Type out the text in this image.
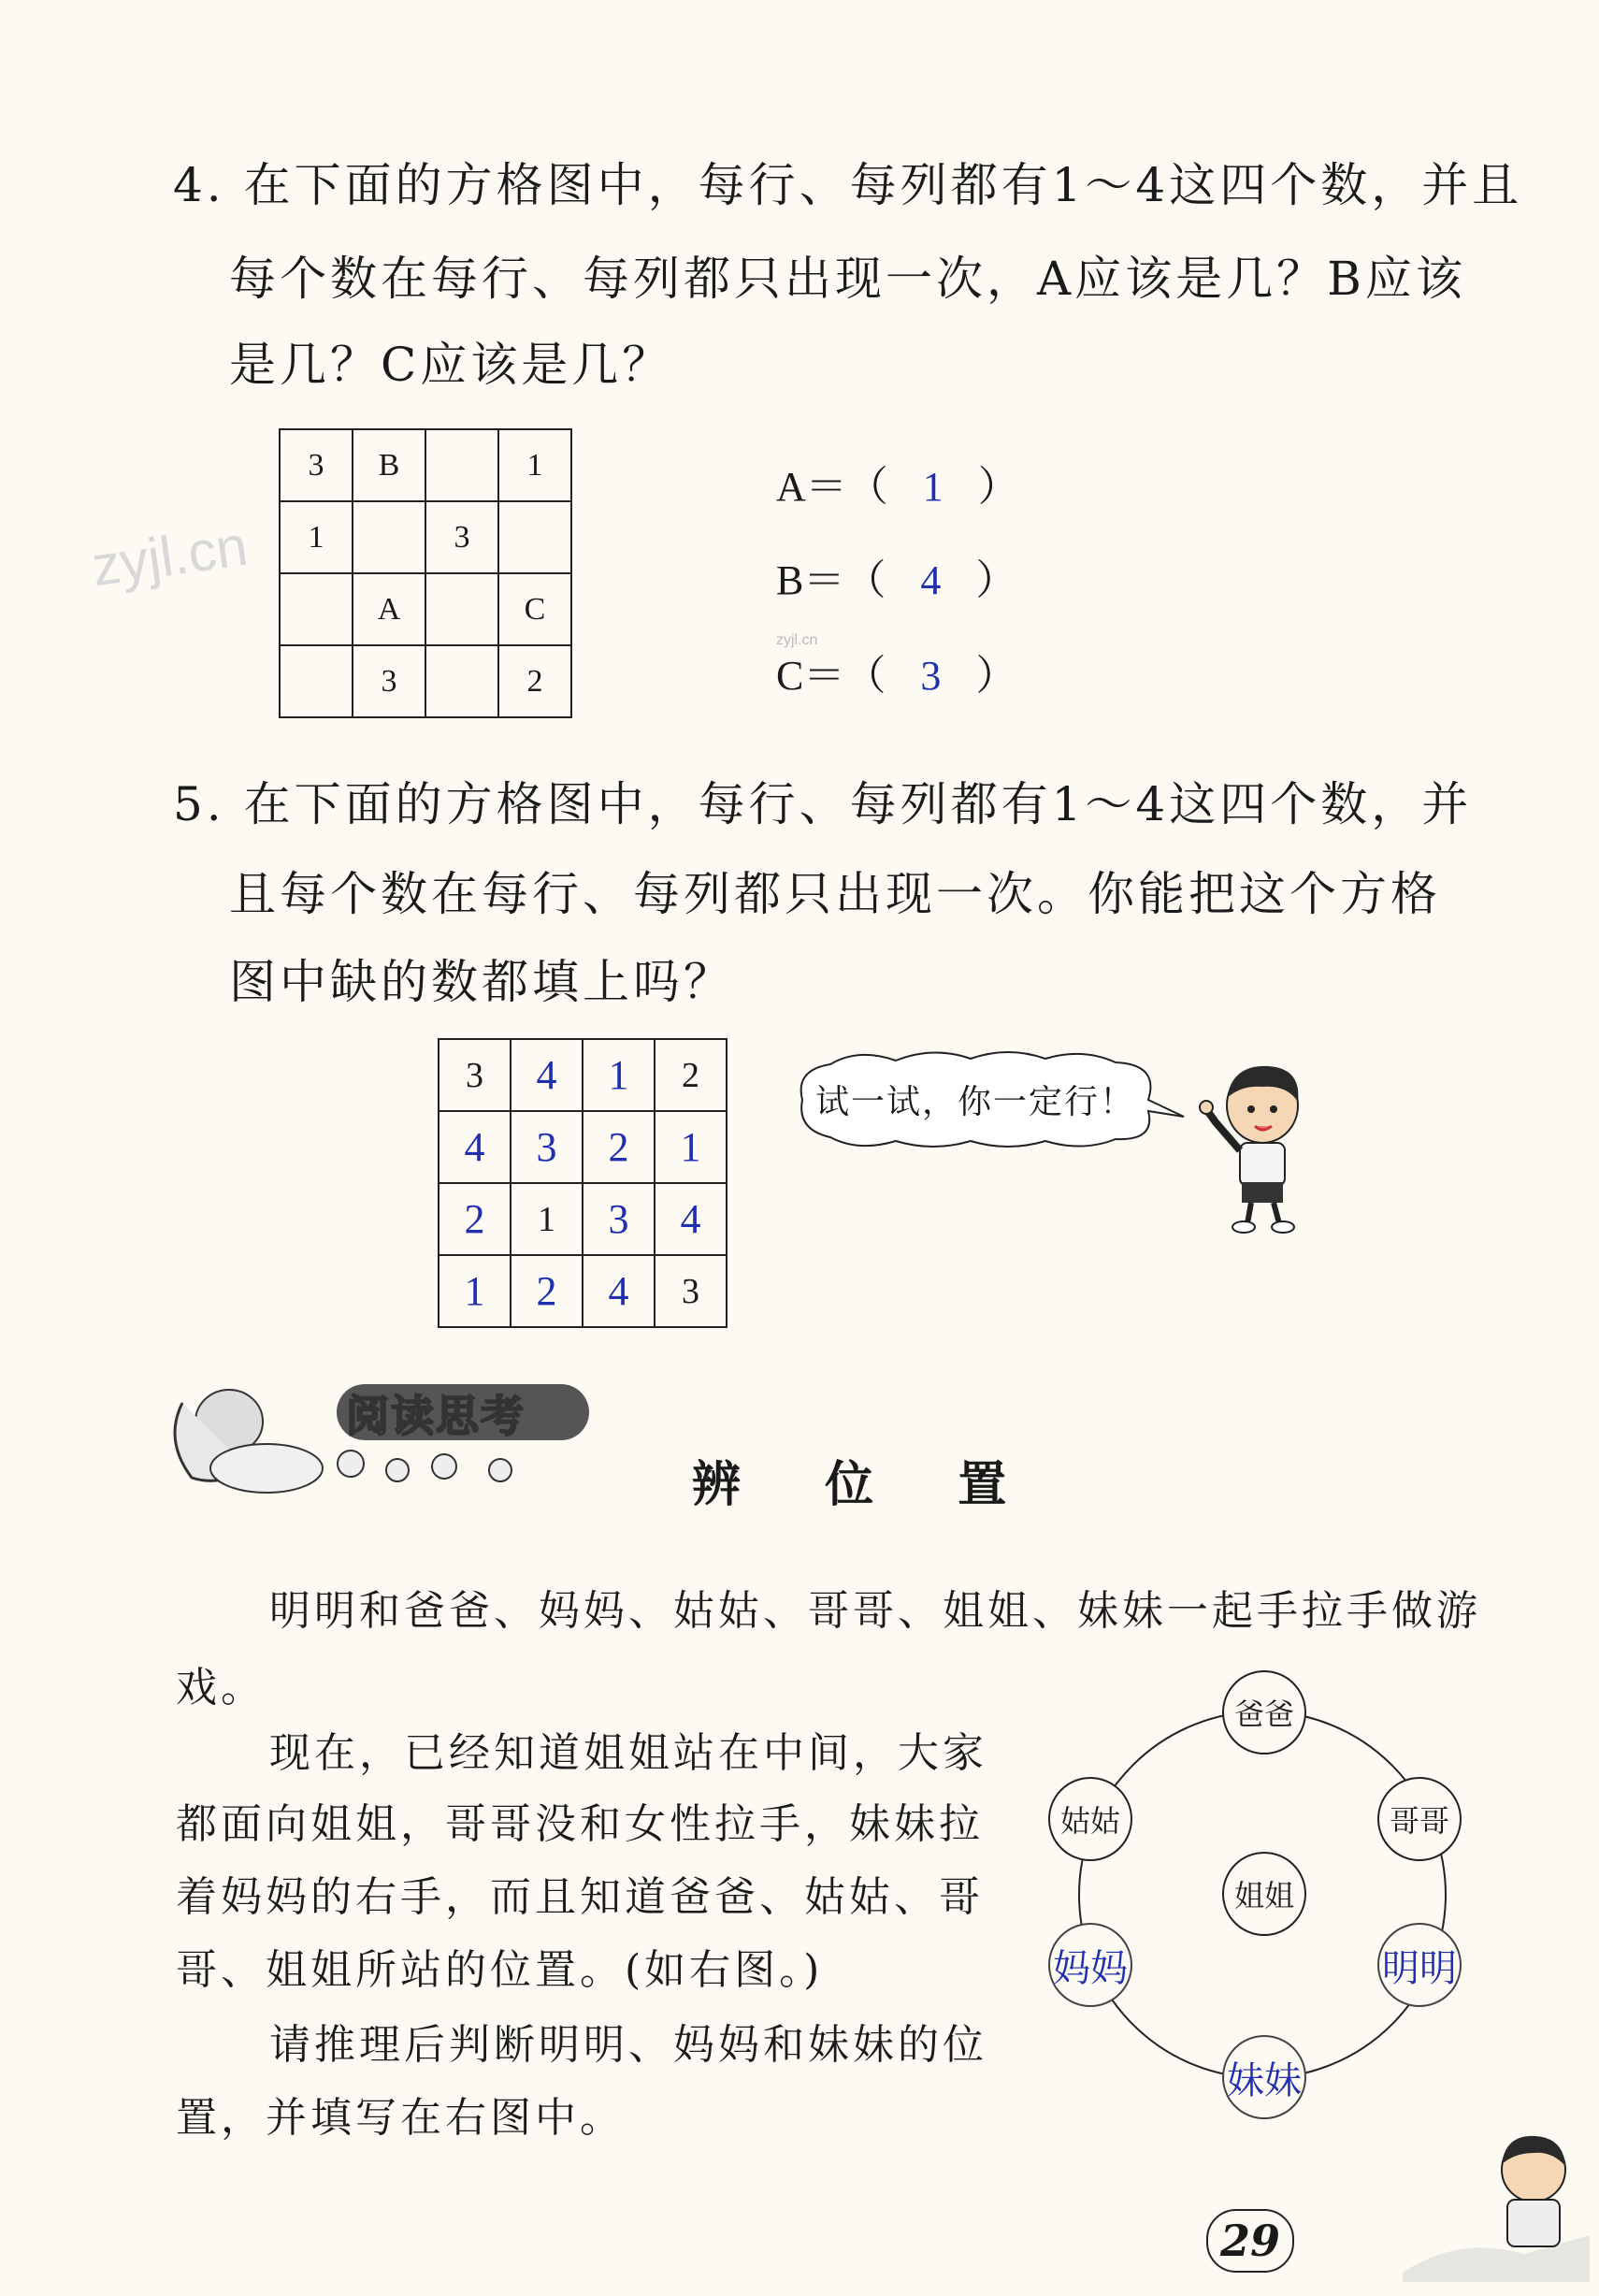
zyjl.cn
zyjl.cn
4. 在下面的方格图中，每行、每列都有1～4这四个数，并且
每个数在每行、每列都只出现一次，A应该是几？B应该
是几？C应该是几？
3	B		1
1		3	
	A		C
	3		2
A＝（ 1 ）
B＝（ 4 ）
C＝（ 3 ）
5. 在下面的方格图中，每行、每列都有1～4这四个数，并
且每个数在每行、每列都只出现一次。你能把这个方格
图中缺的数都填上吗？
3	4	1	2
4	3	2	1
2	1	3	4
1	2	4	3
试一试，你一定行！
阅读思考
辨 位 置
明明和爸爸、妈妈、姑姑、哥哥、姐姐、妹妹一起手拉手做游
戏。
现在，已经知道姐姐站在中间，大家
都面向姐姐，哥哥没和女性拉手，妹妹拉
着妈妈的右手，而且知道爸爸、姑姑、哥
哥、姐姐所站的位置。(如右图。)
请推理后判断明明、妈妈和妹妹的位
置，并填写在右图中。
爸爸
姑姑	哥哥
姐姐
妈妈	明明
妹妹
29
